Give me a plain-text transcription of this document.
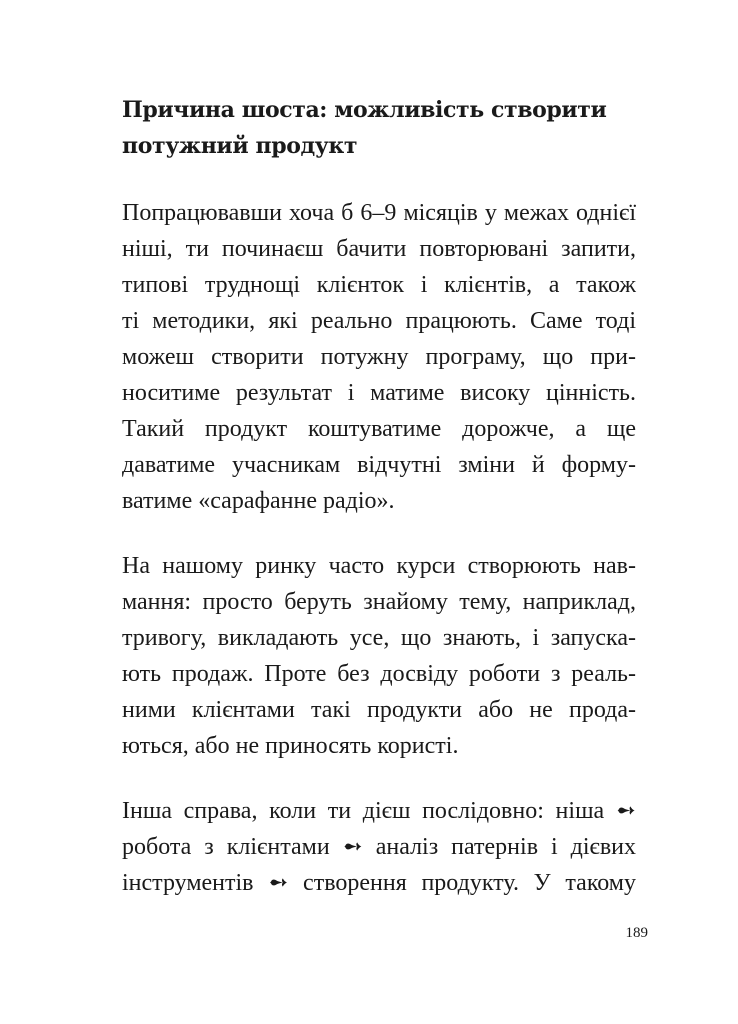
Причина шоста: можливість створити
потужний продукт
Попрацювавши хоча б 6–9 місяців у межах однієї
ніші, ти починаєш бачити повторювані запити,
типові труднощі клієнток і клієнтів, а також
ті методики, які реально працюють. Саме тоді
можеш створити потужну програму, що при-
носитиме результат і матиме високу цінність.
Такий продукт коштуватиме дорожче, а ще
даватиме учасникам відчутні зміни й форму-
ватиме «сарафанне радіо».
На нашому ринку часто курси створюють нав-
мання: просто беруть знайому тему, наприклад,
тривогу, викладають усе, що знають, і запуска-
ють продаж. Проте без досвіду роботи з реаль-
ними клієнтами такі продукти або не прода-
ються, або не приносять користі.
Інша справа, коли ти дієш послідовно: ніша ➻
робота з клієнтами ➻ аналіз патернів і дієвих
інструментів ➻ створення продукту. У такому
189
